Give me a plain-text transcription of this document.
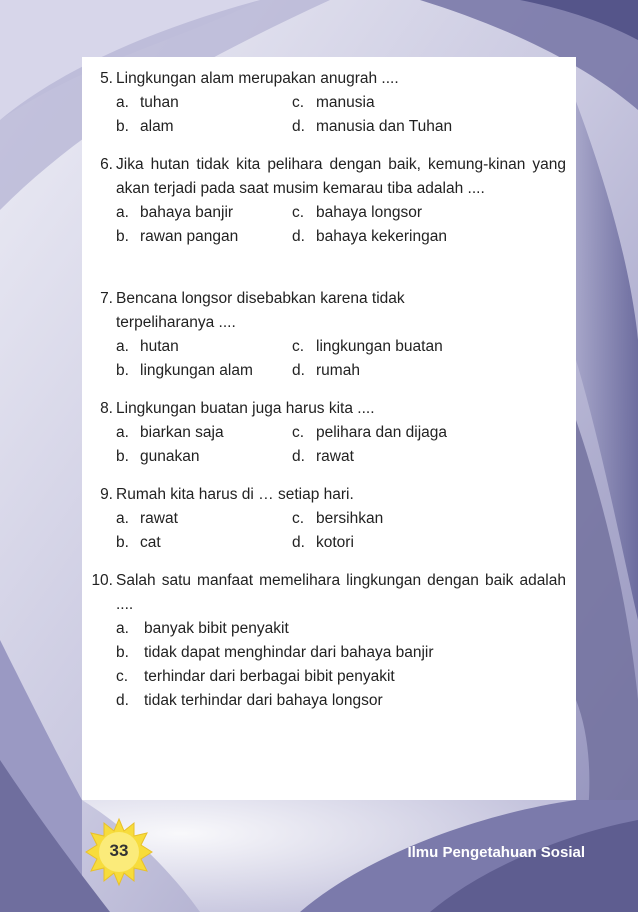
5. Lingkungan alam merupakan anugrah ....
a. tuhan	c. manusia
b. alam	d. manusia dan Tuhan
6. Jika hutan tidak kita pelihara dengan baik, kemung-kinan yang akan terjadi pada saat musim kemarau tiba adalah ....
a. bahaya banjir	c. bahaya longsor
b. rawan pangan	d. bahaya kekeringan
7. Bencana longsor disebabkan karena tidak terpeliharanya ....
a. hutan	c. lingkungan buatan
b. lingkungan alam	d. rumah
8. Lingkungan buatan juga harus kita ....
a. biarkan saja	c. pelihara dan dijaga
b. gunakan	d. rawat
9. Rumah kita harus di … setiap hari.
a. rawat	c. bersihkan
b. cat	d. kotori
10. Salah satu manfaat memelihara lingkungan dengan baik adalah ....
a. banyak bibit penyakit
b. tidak dapat menghindar dari bahaya banjir
c. terhindar dari berbagai bibit penyakit
d. tidak terhindar dari bahaya longsor
33	Ilmu Pengetahuan Sosial
